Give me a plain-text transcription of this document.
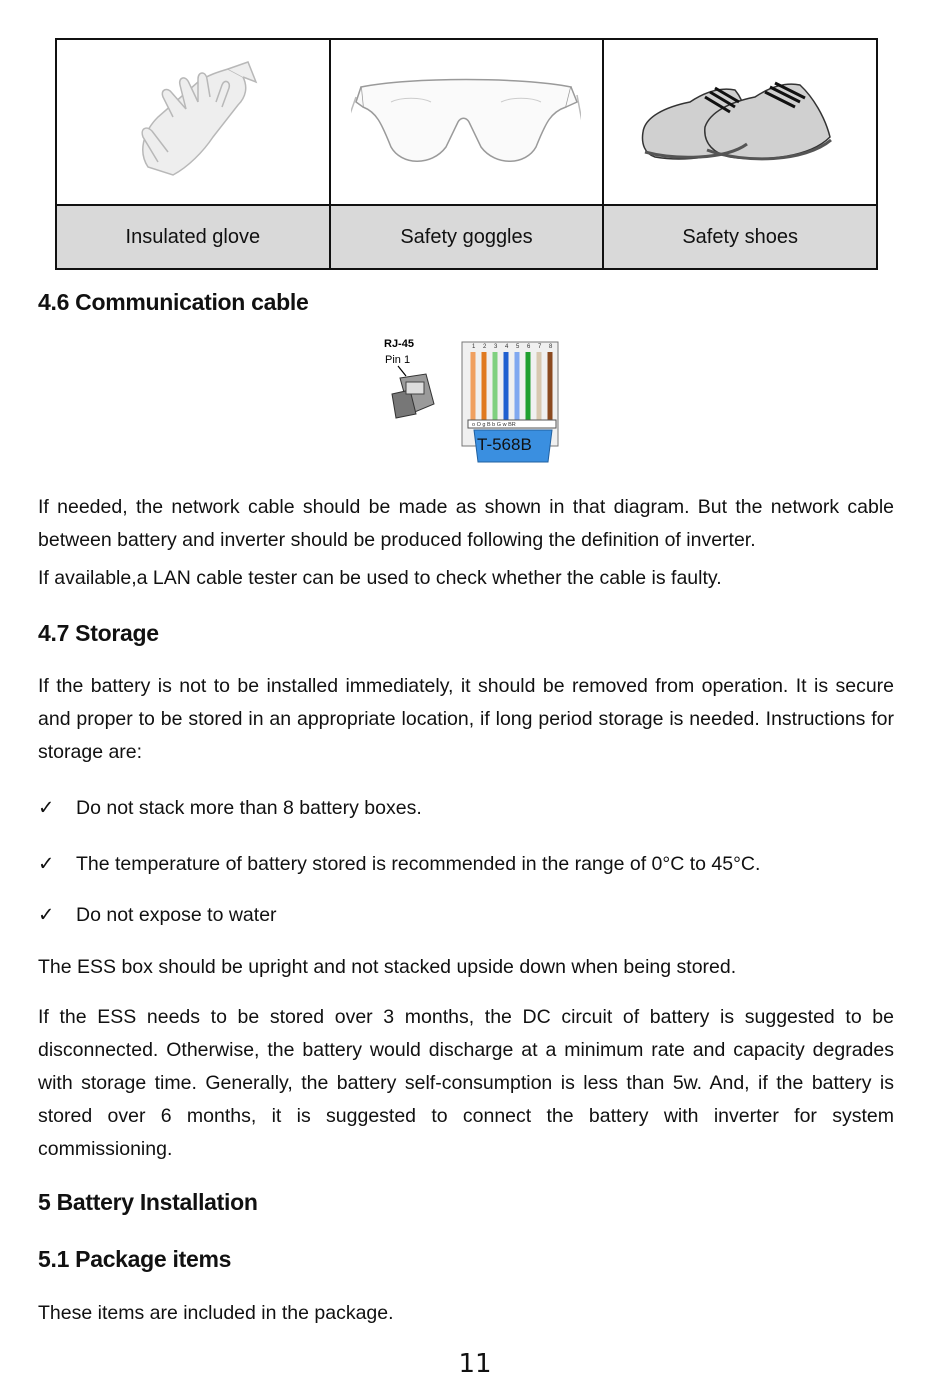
Insulated glove	Safety goggles	Safety shoes
4.6 Communication cable
RJ-45
Pin 1
1 2 3 4 5 6 7 8
o O g B b G w BR
T-568B

If needed, the network cable should be made as shown in that diagram. But the network cable between battery and inverter should be produced following the definition of inverter.

If available,a LAN cable tester can be used to check whether the cable is faulty.

4.7 Storage

If the battery is not to be installed immediately, it should be removed from operation. It is secure and proper to be stored in an appropriate location, if long period storage is needed. Instructions for storage are:

✓	Do not stack more than 8 battery boxes.
✓	The temperature of battery stored is recommended in the range of 0°C to 45°C.
✓	Do not expose to water

The ESS box should be upright and not stacked upside down when being stored.

If the ESS needs to be stored over 3 months, the DC circuit of battery is suggested to be disconnected. Otherwise, the battery would discharge at a minimum rate and capacity degrades with storage time. Generally, the battery self-consumption is less than 5w. And, if the battery is stored over 6 months, it is suggested to connect the battery with inverter for system commissioning.

5 Battery Installation
5.1 Package items

These items are included in the package.

11
